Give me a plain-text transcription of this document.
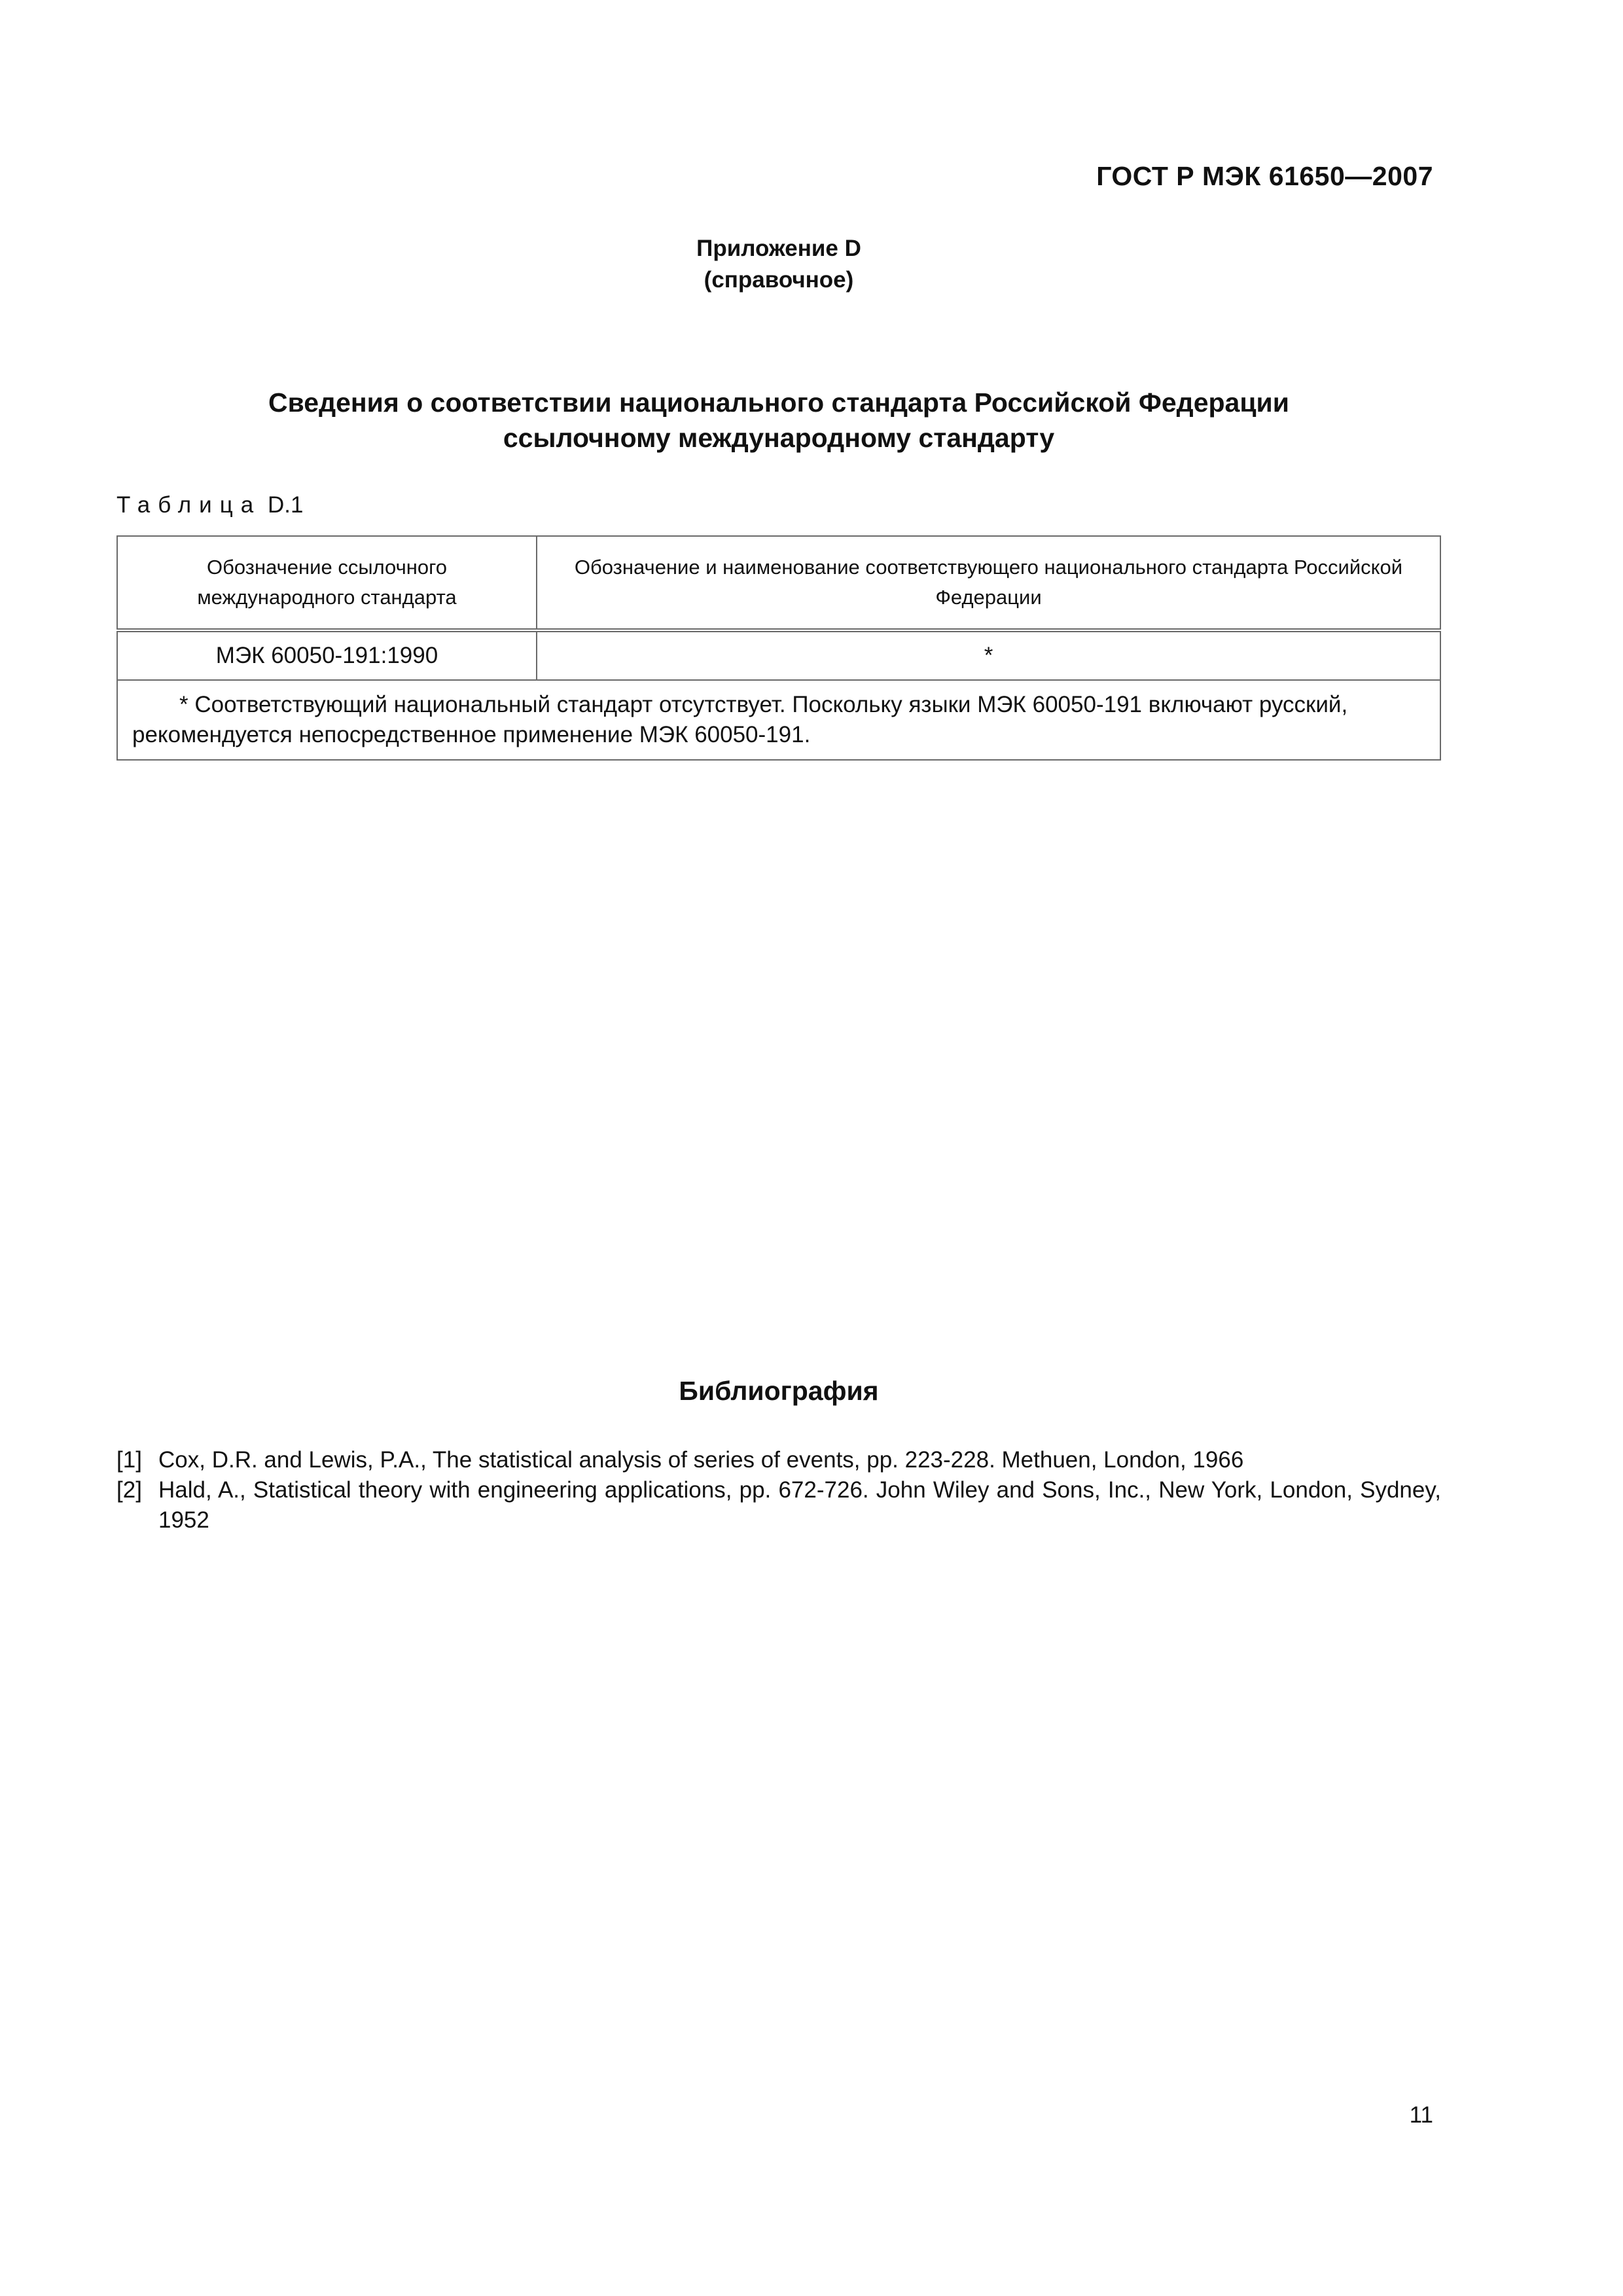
ГОСТ Р МЭК 61650—2007
Приложение D
(справочное)
Сведения о соответствии национального стандарта Российской Федерации
ссылочному международному стандарту
Таблица D.1
Обозначение ссылочного международного стандарта	Обозначение и наименование соответствующего национального стандарта Российской Федерации
МЭК 60050-191:1990	*
* Соответствующий национальный стандарт отсутствует. Поскольку языки МЭК 60050-191 включают русский, рекомендуется непосредственное применение МЭК 60050-191.	
Библиография
[1] Cox, D.R. and Lewis, P.A., The statistical analysis of series of events, pp. 223-228. Methuen, London, 1966
[2] Hald, A., Statistical theory with engineering applications, pp. 672-726. John Wiley and Sons, Inc., New York, London, Sydney, 1952
11
